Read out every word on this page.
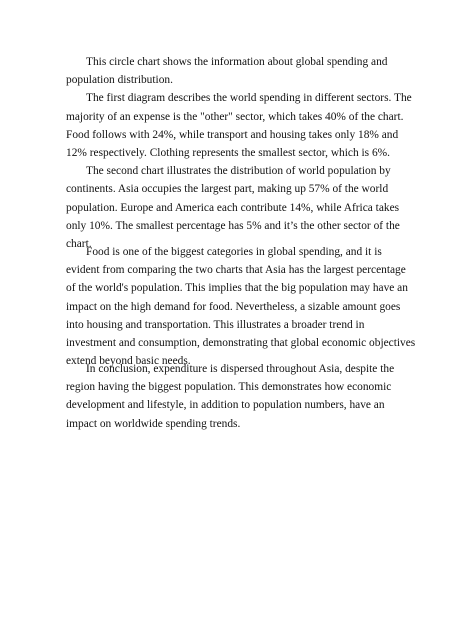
This circle chart shows the information about global spending and population distribution.

The first diagram describes the world spending in different sectors. The majority of an expense is the "other" sector, which takes 40% of the chart. Food follows with 24%, while transport and housing takes only 18% and 12% respectively. Clothing represents the smallest sector, which is 6%.

The second chart illustrates the distribution of world population by continents. Asia occupies the largest part, making up 57% of the world population. Europe and America each contribute 14%, while Africa takes only 10%. The smallest percentage has 5% and it’s the other sector of the chart.

Food is one of the biggest categories in global spending, and it is evident from comparing the two charts that Asia has the largest percentage of the world's population. This implies that the big population may have an impact on the high demand for food. Nevertheless, a sizable amount goes into housing and transportation. This illustrates a broader trend in investment and consumption, demonstrating that global economic objectives extend beyond basic needs.

In conclusion, expenditure is dispersed throughout Asia, despite the region having the biggest population. This demonstrates how economic development and lifestyle, in addition to population numbers, have an impact on worldwide spending trends.
